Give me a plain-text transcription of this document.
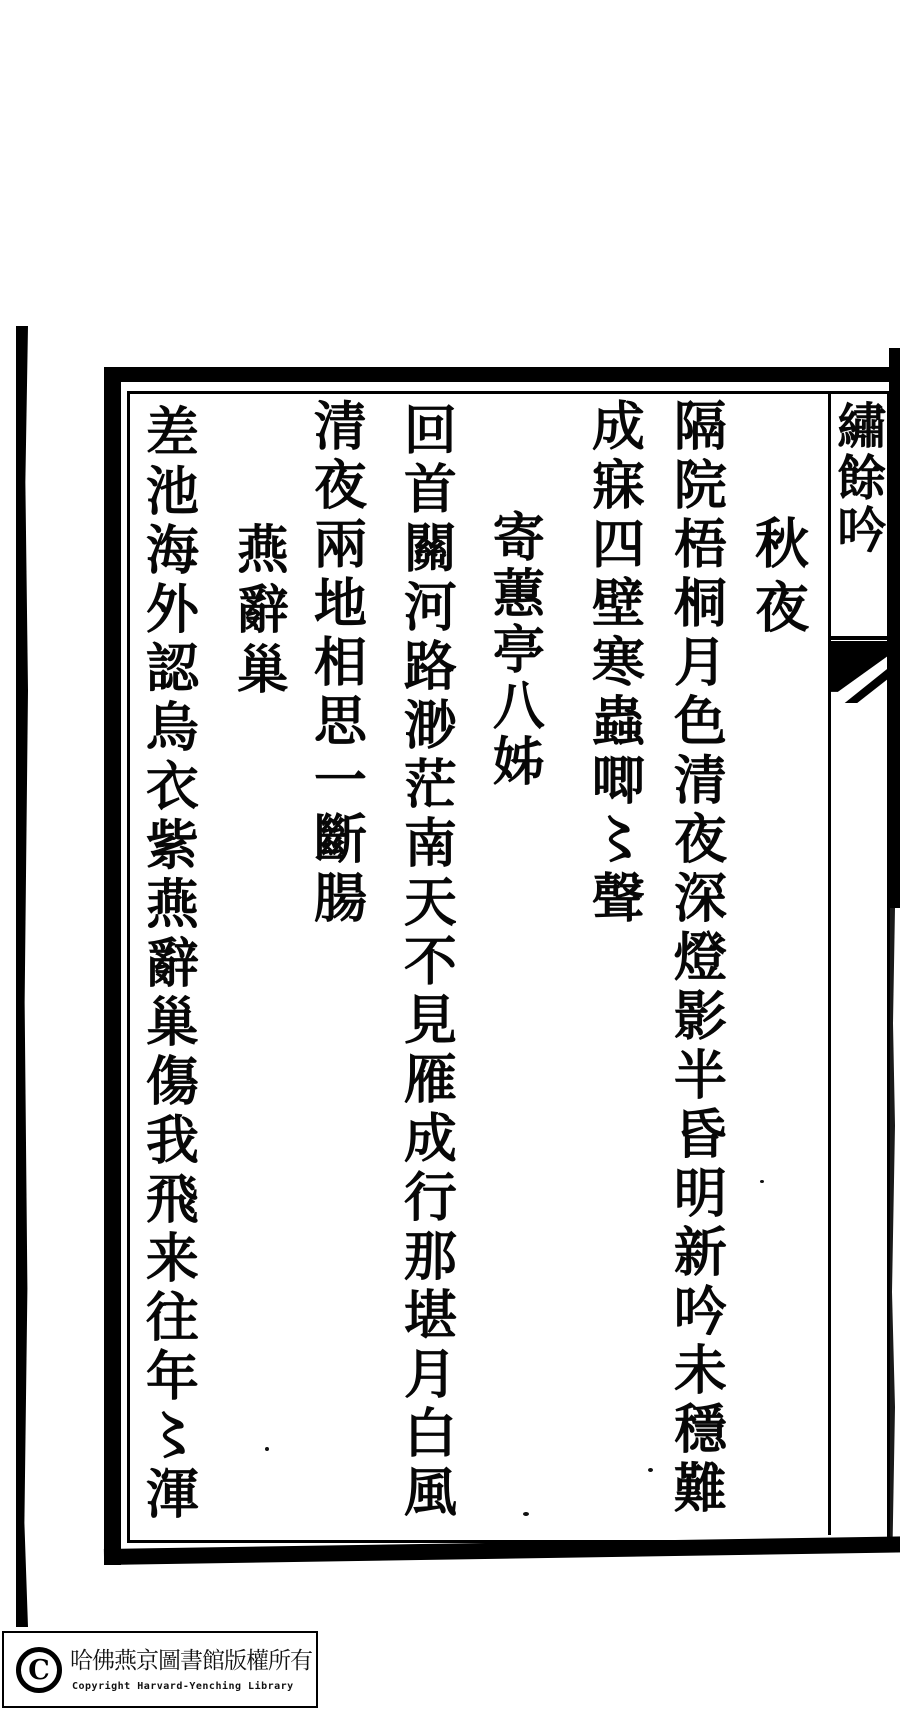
繡餘吟
秋夜
隔院梧桐月色清夜深燈影半昏明新吟未穩難
成寐四壁寒蟲唧〻聲
寄蕙亭八姊
回首關河路渺茫南天不見雁成行那堪月白風
清夜兩地相思一斷腸
燕辭巢
差池海外認烏衣紫燕辭巢傷我飛来往年〻渾
C 哈佛燕京圖書館版權所有
Copyright Harvard-Yenching Library
